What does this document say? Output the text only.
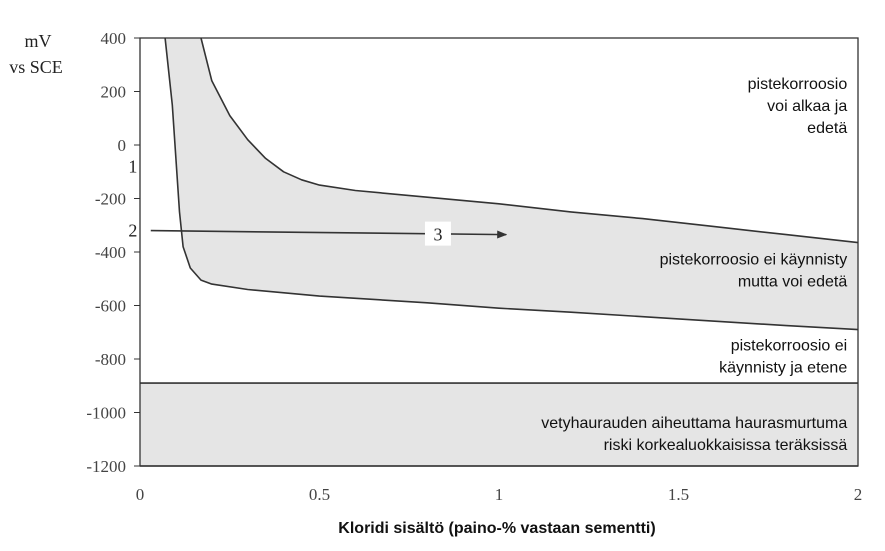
400
200
0
-200
-400
-600
-800
-1000
-1200
0	0.5	1	1.5	2
pistekorroosio
voi alkaa ja
edetä
pistekorroosio ei käynnisty
mutta voi edetä
pistekorroosio ei
käynnisty ja etene
vetyhaurauden aiheuttama haurasmurtuma
riski korkealuokkaisissa teräksissä
1
2	3
mV
vs SCE
Kloridi sisältö (paino-% vastaan sementti)
